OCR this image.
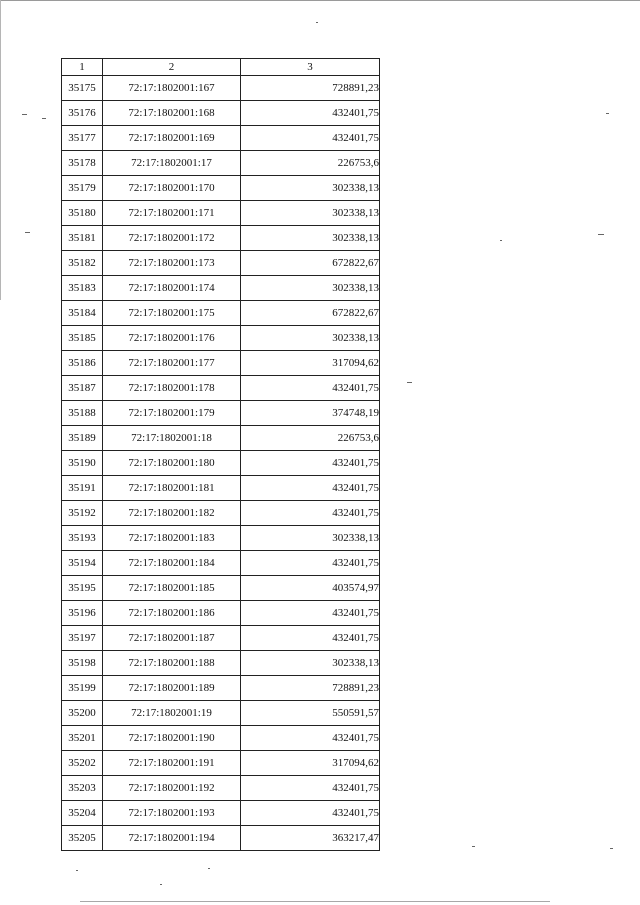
1	2	3
35175	72:17:1802001:167	728891,23
35176	72:17:1802001:168	432401,75
35177	72:17:1802001:169	432401,75
35178	72:17:1802001:17	226753,6
35179	72:17:1802001:170	302338,13
35180	72:17:1802001:171	302338,13
35181	72:17:1802001:172	302338,13
35182	72:17:1802001:173	672822,67
35183	72:17:1802001:174	302338,13
35184	72:17:1802001:175	672822,67
35185	72:17:1802001:176	302338,13
35186	72:17:1802001:177	317094,62
35187	72:17:1802001:178	432401,75
35188	72:17:1802001:179	374748,19
35189	72:17:1802001:18	226753,6
35190	72:17:1802001:180	432401,75
35191	72:17:1802001:181	432401,75
35192	72:17:1802001:182	432401,75
35193	72:17:1802001:183	302338,13
35194	72:17:1802001:184	432401,75
35195	72:17:1802001:185	403574,97
35196	72:17:1802001:186	432401,75
35197	72:17:1802001:187	432401,75
35198	72:17:1802001:188	302338,13
35199	72:17:1802001:189	728891,23
35200	72:17:1802001:19	550591,57
35201	72:17:1802001:190	432401,75
35202	72:17:1802001:191	317094,62
35203	72:17:1802001:192	432401,75
35204	72:17:1802001:193	432401,75
35205	72:17:1802001:194	363217,47
